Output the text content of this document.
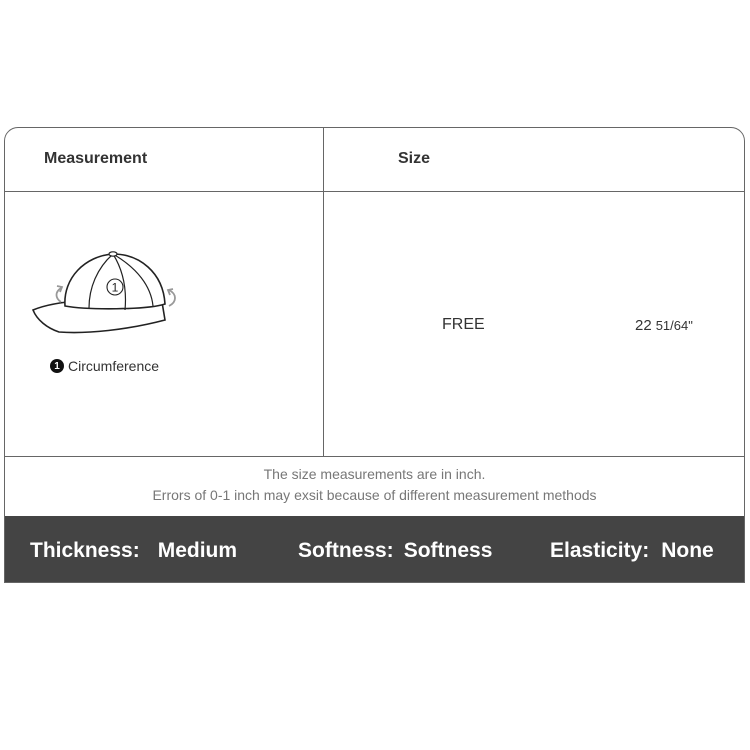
Measurement	Size
1
1 Circumference
FREE	22 51/64"
The size measurements are in inch.
Errors of 0-1 inch may exsit because of different measurement methods
Thickness: Medium	Softness: Softness	Elasticity: None
